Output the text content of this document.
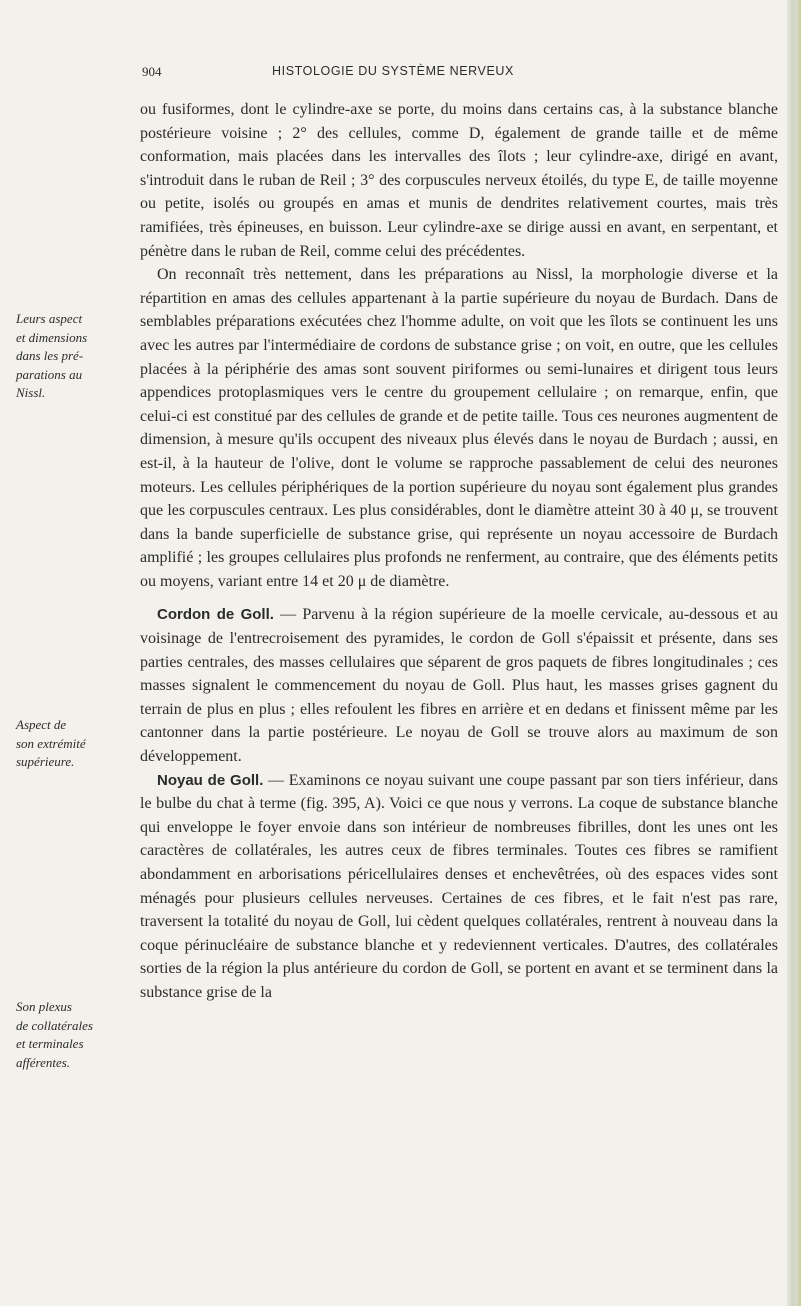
904	HISTOLOGIE DU SYSTÈME NERVEUX
Leurs aspect
et dimensions
dans les pré-
parations au
Nissl.
Aspect de
son extrémité
supérieure.
Son plexus
de collatérales
et terminales
afférentes.

ou fusiformes, dont le cylindre-axe se porte, du moins dans certains cas, à la substance blanche postérieure voisine ; 2° des cellules, comme D, également de grande taille et de même conformation, mais placées dans les intervalles des îlots ; leur cylindre-axe, dirigé en avant, s'introduit dans le ruban de Reil ; 3° des corpuscules nerveux étoilés, du type E, de taille moyenne ou petite, isolés ou groupés en amas et munis de dendrites relativement courtes, mais très ramifiées, très épineuses, en buisson. Leur cylindre-axe se dirige aussi en avant, en serpentant, et pénètre dans le ruban de Reil, comme celui des précédentes.

On reconnaît très nettement, dans les préparations au Nissl, la morphologie diverse et la répartition en amas des cellules appartenant à la partie supérieure du noyau de Burdach. Dans de semblables préparations exécutées chez l'homme adulte, on voit que les îlots se continuent les uns avec les autres par l'intermédiaire de cordons de substance grise ; on voit, en outre, que les cellules placées à la périphérie des amas sont souvent piriformes ou semi-lunaires et dirigent tous leurs appendices protoplasmiques vers le centre du groupement cellulaire ; on remarque, enfin, que celui-ci est constitué par des cellules de grande et de petite taille. Tous ces neurones augmentent de dimension, à mesure qu'ils occupent des niveaux plus élevés dans le noyau de Burdach ; aussi, en est-il, à la hauteur de l'olive, dont le volume se rapproche passablement de celui des neurones moteurs. Les cellules périphériques de la portion supérieure du noyau sont également plus grandes que les corpuscules centraux. Les plus considérables, dont le diamètre atteint 30 à 40 μ, se trouvent dans la bande superficielle de substance grise, qui représente un noyau accessoire de Burdach amplifié ; les groupes cellulaires plus profonds ne renferment, au contraire, que des éléments petits ou moyens, variant entre 14 et 20 μ de diamètre.

Cordon de Goll. — Parvenu à la région supérieure de la moelle cervicale, au-dessous et au voisinage de l'entrecroisement des pyramides, le cordon de Goll s'épaissit et présente, dans ses parties centrales, des masses cellulaires que séparent de gros paquets de fibres longitudinales ; ces masses signalent le commencement du noyau de Goll. Plus haut, les masses grises gagnent du terrain de plus en plus ; elles refoulent les fibres en arrière et en dedans et finissent même par les cantonner dans la partie postérieure. Le noyau de Goll se trouve alors au maximum de son développement.

Noyau de Goll. — Examinons ce noyau suivant une coupe passant par son tiers inférieur, dans le bulbe du chat à terme (fig. 395, A). Voici ce que nous y verrons. La coque de substance blanche qui enveloppe le foyer envoie dans son intérieur de nombreuses fibrilles, dont les unes ont les caractères de collatérales, les autres ceux de fibres terminales. Toutes ces fibres se ramifient abondamment en arborisations péricellulaires denses et enchevêtrées, où des espaces vides sont ménagés pour plusieurs cellules nerveuses. Certaines de ces fibres, et le fait n'est pas rare, traversent la totalité du noyau de Goll, lui cèdent quelques collatérales, rentrent à nouveau dans la coque périnucléaire de substance blanche et y redeviennent verticales. D'autres, des collatérales sorties de la région la plus antérieure du cordon de Goll, se portent en avant et se terminent dans la substance grise de la
